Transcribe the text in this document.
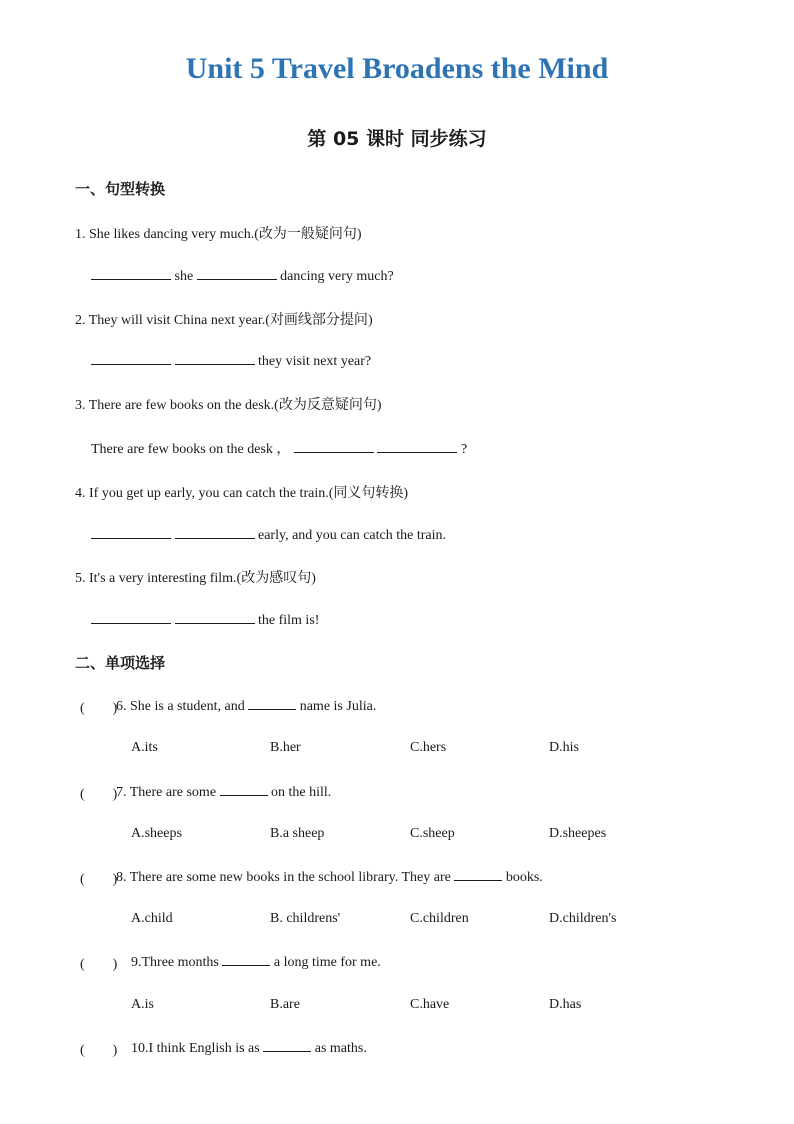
Unit 5 Travel Broadens the Mind
第 05 课时 同步练习
一、句型转换
1. She likes dancing very much.(改为一般疑问句)
she	dancing very much?
2. They will visit China next year.(对画线部分提问)
they visit next year?
3. There are few books on the desk.(改为反意疑问句)
There are few books on the desk ，	?
4. If you get up early, you can catch the train.(同义句转换)
early, and you can catch the train.
5. It's a very interesting film.(改为感叹句)
the film is!
二、单项选择
(　　)
6. She is a student, and	name is Julia.
A.its	B.her	C.hers	D.his
(　　)
7. There are some	on the hill.
A.sheeps	B.a sheep	C.sheep	D.sheepes
(　　)
8. There are some new books in the school library. They are	books.
A.child	B. childrens'	C.children	D.children's
(　　) 9.Three months	a long time for me.
A.is	B.are	C.have	D.has
(　　) 10.I think English is as	as maths.
